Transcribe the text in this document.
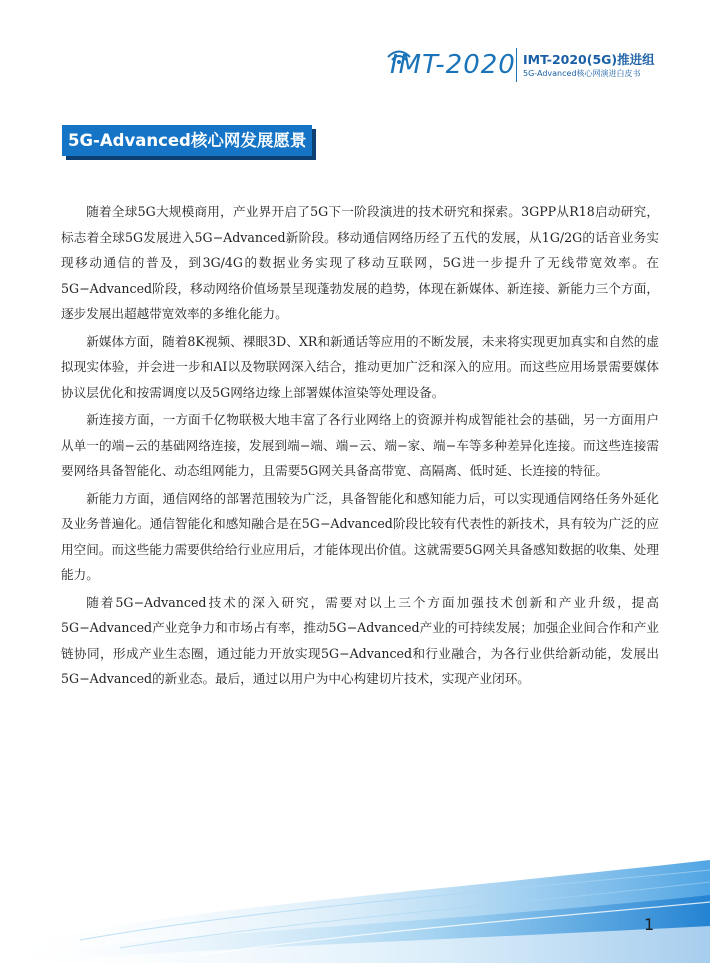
IMT-2020 IMT-2020(5G)推进组
5G-Advanced核心网演进白皮书
5G-Advanced核心网发展愿景

随着全球5G大规模商用，产业界开启了5G下一阶段演进的技术研究和探索。3GPP从R18启动研究，标志着全球5G发展进入5G−Advanced新阶段。移动通信网络历经了五代的发展，从1G/2G的话音业务实现移动通信的普及，到3G/4G的数据业务实现了移动互联网，5G进一步提升了无线带宽效率。在5G−Advanced阶段，移动网络价值场景呈现蓬勃发展的趋势，体现在新媒体、新连接、新能力三个方面，逐步发展出超越带宽效率的多维化能力。

新媒体方面，随着8K视频、裸眼3D、XR和新通话等应用的不断发展，未来将实现更加真实和自然的虚拟现实体验，并会进一步和AI以及物联网深入结合，推动更加广泛和深入的应用。而这些应用场景需要媒体协议层优化和按需调度以及5G网络边缘上部署媒体渲染等处理设备。

新连接方面，一方面千亿物联极大地丰富了各行业网络上的资源并构成智能社会的基础，另一方面用户从单一的端−云的基础网络连接，发展到端−端、端−云、端−家、端−车等多种差异化连接。而这些连接需要网络具备智能化、动态组网能力，且需要5G网关具备高带宽、高隔离、低时延、长连接的特征。

新能力方面，通信网络的部署范围较为广泛，具备智能化和感知能力后，可以实现通信网络任务外延化及业务普遍化。通信智能化和感知融合是在5G−Advanced阶段比较有代表性的新技术，具有较为广泛的应用空间。而这些能力需要供给给行业应用后，才能体现出价值。这就需要5G网关具备感知数据的收集、处理能力。

随着5G−Advanced技术的深入研究，需要对以上三个方面加强技术创新和产业升级，提高5G−Advanced产业竞争力和市场占有率，推动5G−Advanced产业的可持续发展；加强企业间合作和产业链协同，形成产业生态圈，通过能力开放实现5G−Advanced和行业融合，为各行业供给新动能，发展出5G−Advanced的新业态。最后，通过以用户为中心构建切片技术，实现产业闭环。

1
